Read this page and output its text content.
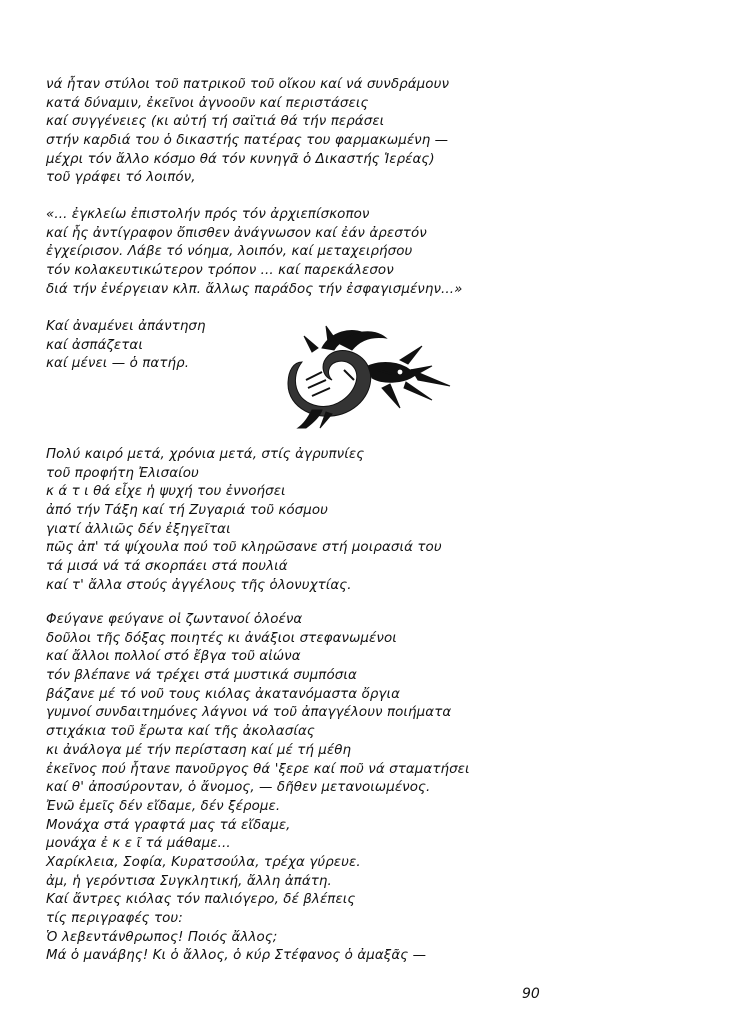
νά ἦταν στύλοι τοῦ πατρικοῦ τοῦ οἴκου καί νά συνδράμουν
κατά δύναμιν, ἐκεῖνοι ἀγνοοῦν καί περιστάσεις
καί συγγένειες (κι αὐτή τή σαϊτιά θά τήν περάσει
στήν καρδιά του ὁ δικαστής πατέρας του φαρμακωμένη —
μέχρι τόν ἄλλο κόσμο θά τόν κυνηγᾶ ὁ Δικαστής Ἱερέας)
τοῦ γράφει τό λοιπόν,
«... ἐγκλείω ἐπιστολήν πρός τόν ἀρχιεπίσκοπον
καί ἧς ἀντίγραφον ὄπισθεν ἀνάγνωσον καί ἐάν ἀρεστόν
ἐγχείρισον. Λάβε τό νόημα, λοιπόν, καί μεταχειρήσου
τόν κολακευτικώτερον τρόπον ... καί παρεκάλεσον
διά τήν ἐνέργειαν κλπ. ἄλλως παράδος τήν ἐσφαγισμένην...»
Καί ἀναμένει ἀπάντηση
καί ἀσπάζεται
καί μένει — ὁ πατήρ.
Πολύ καιρό μετά, χρόνια μετά, στίς ἀγρυπνίες
τοῦ προφήτη Ἐλισαίου
κ ά τ ι θά εἶχε ἡ ψυχή του ἐννοήσει
ἀπό τήν Τάξη καί τή Ζυγαριά τοῦ κόσμου
γιατί ἀλλιῶς δέν ἐξηγεῖται
πῶς ἀπ' τά ψίχουλα πού τοῦ κληρῶσανε στή μοιρασιά του
τά μισά νά τά σκορπάει στά πουλιά
καί τ' ἄλλα στούς ἀγγέλους τῆς ὁλονυχτίας.
Φεύγανε φεύγανε οἱ ζωντανοί ὁλοένα
δοῦλοι τῆς δόξας ποιητές κι ἀνάξιοι στεφανωμένοι
καί ἄλλοι πολλοί στό ἔβγα τοῦ αἰώνα
τόν βλέπανε νά τρέχει στά μυστικά συμπόσια
βάζανε μέ τό νοῦ τους κιόλας ἀκατανόμαστα ὄργια
γυμνοί συνδαιτημόνες λάγνοι νά τοῦ ἀπαγγέλουν ποιήματα
στιχάκια τοῦ ἔρωτα καί τῆς ἀκολασίας
κι ἀνάλογα μέ τήν περίσταση καί μέ τή μέθη
ἐκεῖνος πού ἦτανε πανοῦργος θά 'ξερε καί ποῦ νά σταματήσει
καί θ' ἀποσύρονταν, ὁ ἄνομος, — δῆθεν μετανοιωμένος.
Ἐνῶ ἐμεῖς δέν εἴδαμε, δέν ξέρομε.
Μονάχα στά γραφτά μας τά εἴδαμε,
μονάχα ἐ κ ε ῖ τά μάθαμε...
Χαρίκλεια, Σοφία, Κυρατσούλα, τρέχα γύρευε.
ἀμ, ἡ γερόντισα Συγκλητική, ἄλλη ἀπάτη.
Καί ἄντρες κιόλας τόν παλιόγερο, δέ βλέπεις
τίς περιγραφές του:
Ὁ λεβεντάνθρωπος! Ποιός ἄλλος;
Μά ὁ μανάβης! Κι ὁ ἄλλος, ὁ κύρ Στέφανος ὁ ἀμαξᾶς —
90
